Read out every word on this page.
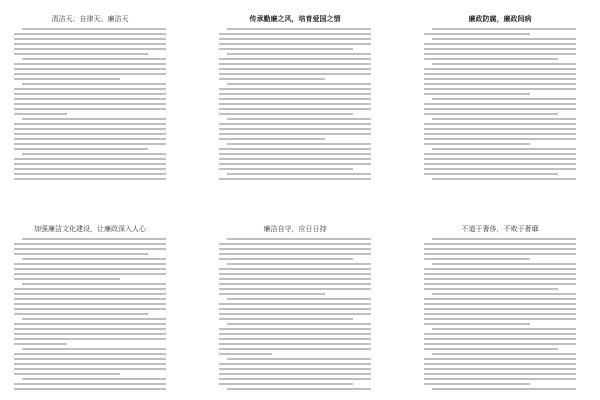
清洁天、自律天、廉洁天	传承勤廉之风，培育爱国之情	廉政防腐，廉政间病
加强廉洁文化建设，让廉政深入人心	廉洁自守，应日日持	不道于奢侈，不败于奢靡
